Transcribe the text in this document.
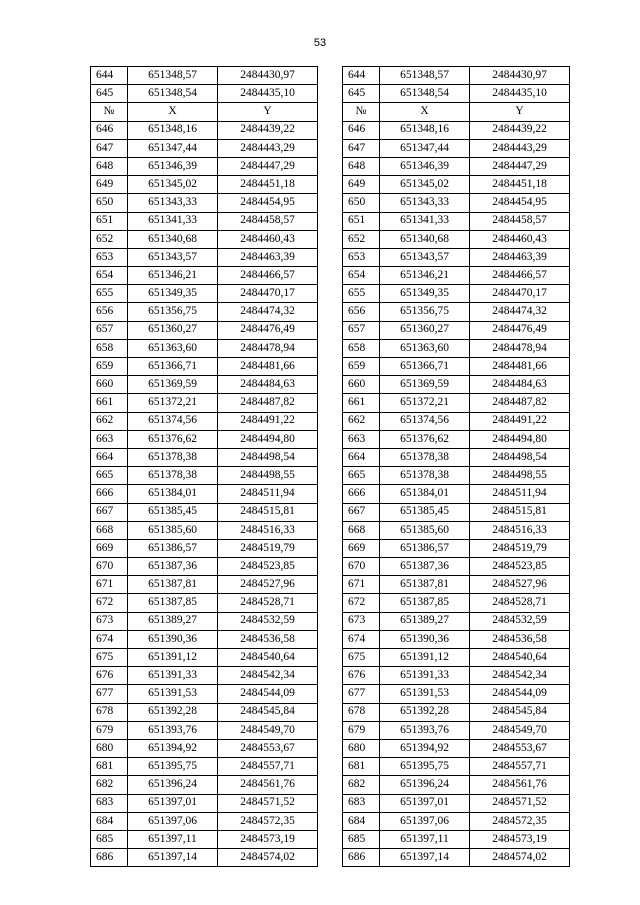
53
644	651348,57	2484430,97		644	651348,57	2484430,97
645	651348,54	2484435,10		645	651348,54	2484435,10
№	X	Y		№	X	Y
646	651348,16	2484439,22		646	651348,16	2484439,22
647	651347,44	2484443,29		647	651347,44	2484443,29
648	651346,39	2484447,29		648	651346,39	2484447,29
649	651345,02	2484451,18		649	651345,02	2484451,18
650	651343,33	2484454,95		650	651343,33	2484454,95
651	651341,33	2484458,57		651	651341,33	2484458,57
652	651340,68	2484460,43		652	651340,68	2484460,43
653	651343,57	2484463,39		653	651343,57	2484463,39
654	651346,21	2484466,57		654	651346,21	2484466,57
655	651349,35	2484470,17		655	651349,35	2484470,17
656	651356,75	2484474,32		656	651356,75	2484474,32
657	651360,27	2484476,49		657	651360,27	2484476,49
658	651363,60	2484478,94		658	651363,60	2484478,94
659	651366,71	2484481,66		659	651366,71	2484481,66
660	651369,59	2484484,63		660	651369,59	2484484,63
661	651372,21	2484487,82		661	651372,21	2484487,82
662	651374,56	2484491,22		662	651374,56	2484491,22
663	651376,62	2484494,80		663	651376,62	2484494,80
664	651378,38	2484498,54		664	651378,38	2484498,54
665	651378,38	2484498,55		665	651378,38	2484498,55
666	651384,01	2484511,94		666	651384,01	2484511,94
667	651385,45	2484515,81		667	651385,45	2484515,81
668	651385,60	2484516,33		668	651385,60	2484516,33
669	651386,57	2484519,79		669	651386,57	2484519,79
670	651387,36	2484523,85		670	651387,36	2484523,85
671	651387,81	2484527,96		671	651387,81	2484527,96
672	651387,85	2484528,71		672	651387,85	2484528,71
673	651389,27	2484532,59		673	651389,27	2484532,59
674	651390,36	2484536,58		674	651390,36	2484536,58
675	651391,12	2484540,64		675	651391,12	2484540,64
676	651391,33	2484542,34		676	651391,33	2484542,34
677	651391,53	2484544,09		677	651391,53	2484544,09
678	651392,28	2484545,84		678	651392,28	2484545,84
679	651393,76	2484549,70		679	651393,76	2484549,70
680	651394,92	2484553,67		680	651394,92	2484553,67
681	651395,75	2484557,71		681	651395,75	2484557,71
682	651396,24	2484561,76		682	651396,24	2484561,76
683	651397,01	2484571,52		683	651397,01	2484571,52
684	651397,06	2484572,35		684	651397,06	2484572,35
685	651397,11	2484573,19		685	651397,11	2484573,19
686	651397,14	2484574,02		686	651397,14	2484574,02
